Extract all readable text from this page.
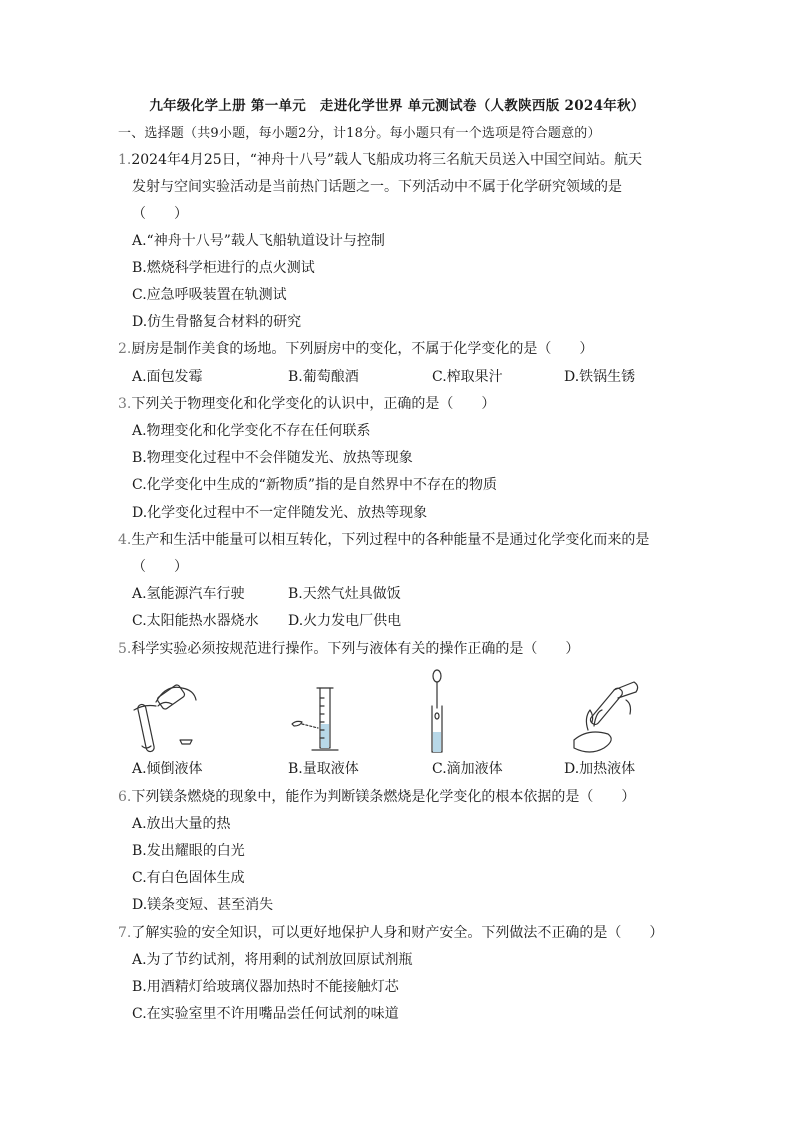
九年级化学上册 第一单元　走进化学世界 单元测试卷（人教陕西版 2024年秋）
一、选择题（共9小题，每小题2分，计18分。每小题只有一个选项是符合题意的）
1.2024年4月25日，“神舟十八号”载人飞船成功将三名航天员送入中国空间站。航天
发射与空间实验活动是当前热门话题之一。下列活动中不属于化学研究领域的是
（　　）
A.“神舟十八号”载人飞船轨道设计与控制
B.燃烧科学柜进行的点火测试
C.应急呼吸装置在轨测试
D.仿生骨骼复合材料的研究
2.厨房是制作美食的场地。下列厨房中的变化，不属于化学变化的是（　　）
A.面包发霉	B.葡萄酿酒	C.榨取果汁	D.铁锅生锈
3.下列关于物理变化和化学变化的认识中，正确的是（　　）
A.物理变化和化学变化不存在任何联系
B.物理变化过程中不会伴随发光、放热等现象
C.化学变化中生成的“新物质”指的是自然界中不存在的物质
D.化学变化过程中不一定伴随发光、放热等现象
4.生产和生活中能量可以相互转化，下列过程中的各种能量不是通过化学变化而来的是
（　　）
A.氢能源汽车行驶	B.天然气灶具做饭
C.太阳能热水器烧水 D.火力发电厂供电
5.科学实验必须按规范进行操作。下列与液体有关的操作正确的是（　　）
A.倾倒液体	B.量取液体	C.滴加液体	D.加热液体
6.下列镁条燃烧的现象中，能作为判断镁条燃烧是化学变化的根本依据的是（　　）
A.放出大量的热
B.发出耀眼的白光
C.有白色固体生成
D.镁条变短、甚至消失
7.了解实验的安全知识，可以更好地保护人身和财产安全。下列做法不正确的是（　　）
A.为了节约试剂，将用剩的试剂放回原试剂瓶
B.用酒精灯给玻璃仪器加热时不能接触灯芯
C.在实验室里不许用嘴品尝任何试剂的味道
